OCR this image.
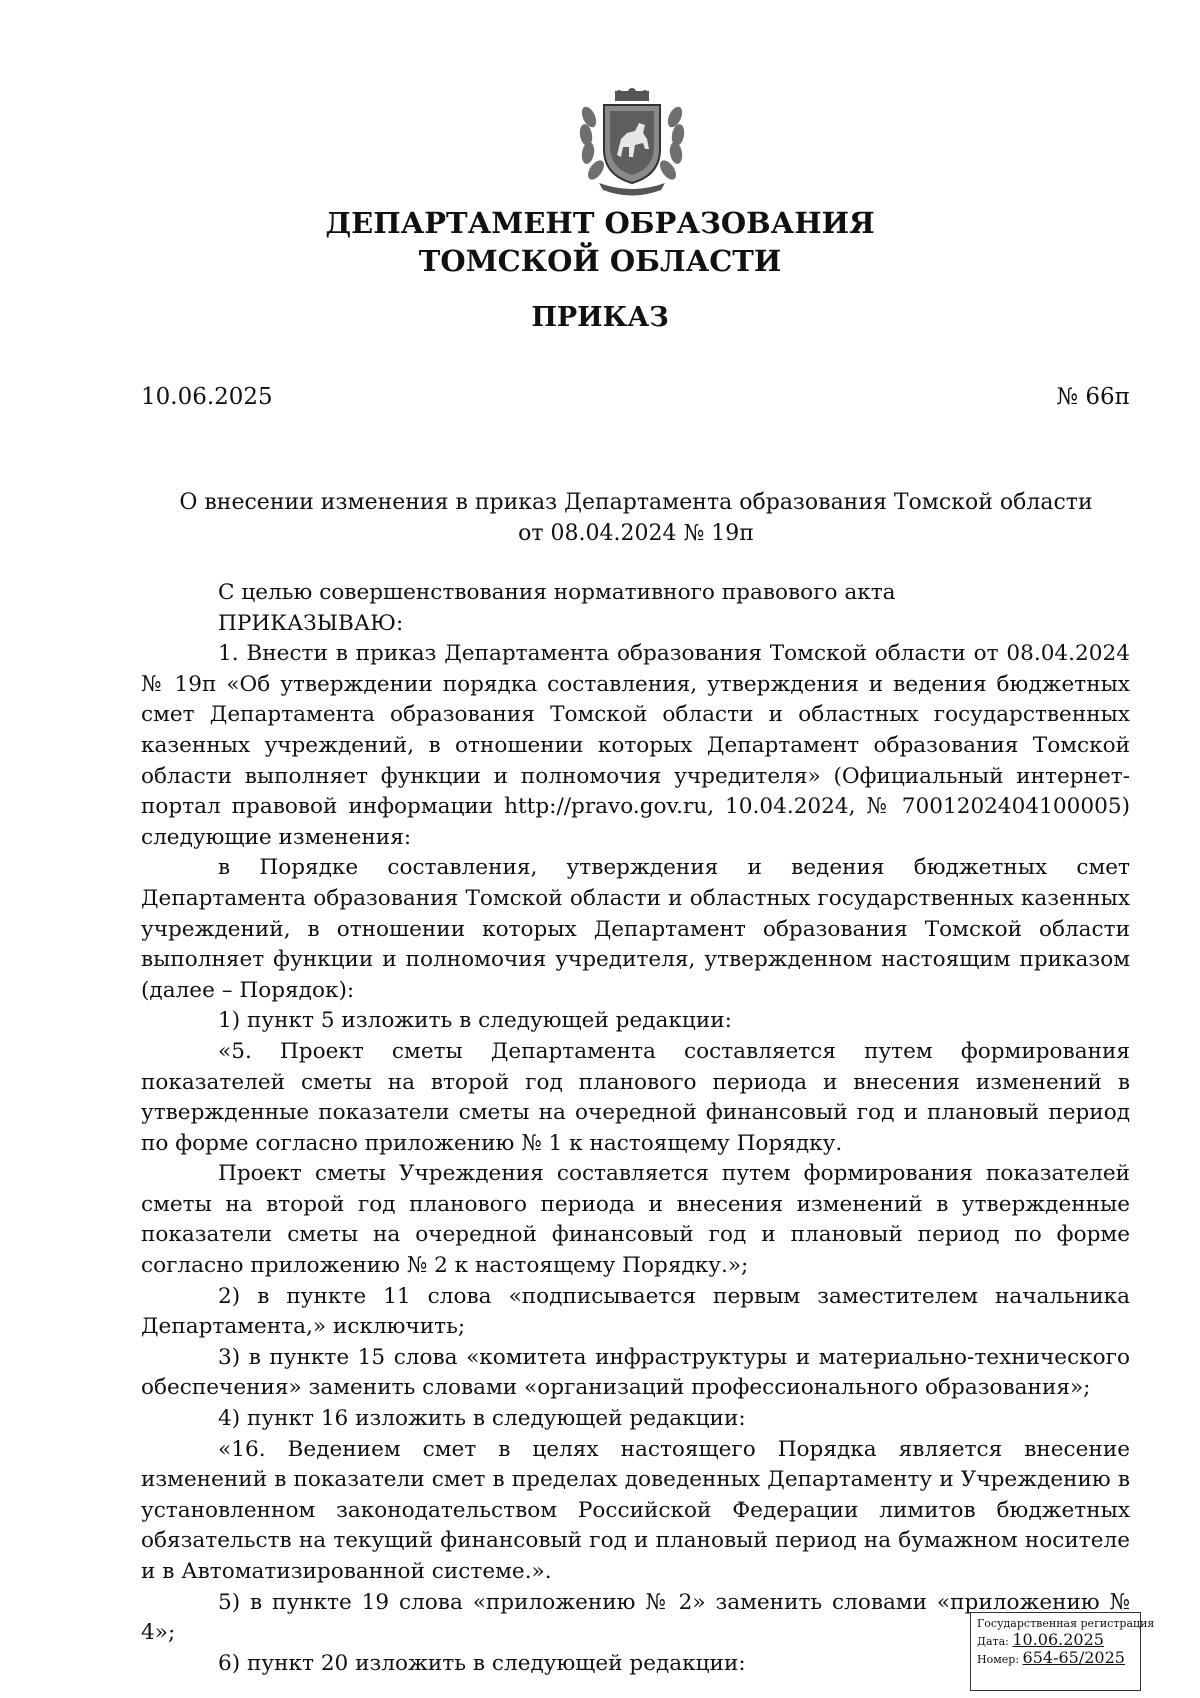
ДЕПАРТАМЕНТ ОБРАЗОВАНИЯ
ТОМСКОЙ ОБЛАСТИ
ПРИКАЗ
10.06.2025	№ 66п
О внесении изменения в приказ Департамента образования Томской области
от 08.04.2024 № 19п

С целью совершенствования нормативного правового акта

ПРИКАЗЫВАЮ:

1. Внести в приказ Департамента образования Томской области от 08.04.2024 № 19п «Об утверждении порядка составления, утверждения и ведения бюджетных смет Департамента образования Томской области и областных государственных казенных учреждений, в отношении которых Департамент образования Томской области выполняет функции и полномочия учредителя» (Официальный интернет-портал правовой информации http://pravo.gov.ru, 10.04.2024, № 7001202404100005) следующие изменения:

в Порядке составления, утверждения и ведения бюджетных смет Департамента образования Томской области и областных государственных казенных учреждений, в отношении которых Департамент образования Томской области выполняет функции и полномочия учредителя, утвержденном настоящим приказом (далее – Порядок):

1) пункт 5 изложить в следующей редакции:

«5. Проект сметы Департамента составляется путем формирования показателей сметы на второй год планового периода и внесения изменений в утвержденные показатели сметы на очередной финансовый год и плановый период по форме согласно приложению № 1 к настоящему Порядку.

Проект сметы Учреждения составляется путем формирования показателей сметы на второй год планового периода и внесения изменений в утвержденные показатели сметы на очередной финансовый год и плановый период по форме согласно приложению № 2 к настоящему Порядку.»;

2) в пункте 11 слова «подписывается первым заместителем начальника Департамента,» исключить;

3) в пункте 15 слова «комитета инфраструктуры и материально-технического обеспечения» заменить словами «организаций профессионального образования»;

4) пункт 16 изложить в следующей редакции:

«16. Ведением смет в целях настоящего Порядка является внесение изменений в показатели смет в пределах доведенных Департаменту и Учреждению в установленном законодательством Российской Федерации лимитов бюджетных обязательств на текущий финансовый год и плановый период на бумажном носителе и в Автоматизированной системе.».

5) в пункте 19 слова «приложению № 2» заменить словами «приложению № 4»;

6) пункт 20 изложить в следующей редакции:

Государственная регистрация
Дата: 10.06.2025
Номер: 654-65/2025
